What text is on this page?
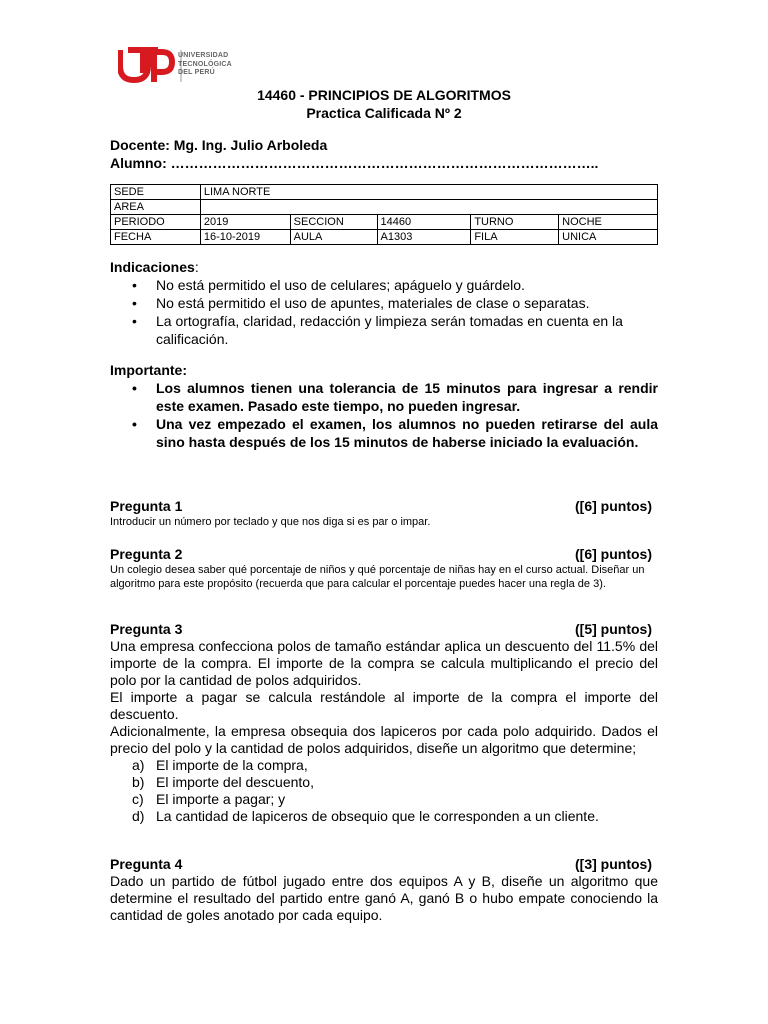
UNIVERSIDAD
TECNOLÓGICA
DEL PERÚ
14460 - PRINCIPIOS DE ALGORITMOS
Practica Calificada Nº 2
Docente: Mg. Ing. Julio Arboleda
Alumno: ………………………………………………………………………………..
SEDE	LIMA NORTE				
AREA					
PERIODO	2019	SECCION	14460	TURNO	NOCHE
FECHA	16-10-2019	AULA	A1303	FILA	UNICA
Indicaciones:
• No está permitido el uso de celulares; apáguelo y guárdelo.
• No está permitido el uso de apuntes, materiales de clase o separatas.
• La ortografía, claridad, redacción y limpieza serán tomadas en cuenta en la calificación.
Importante:
• Los alumnos tienen una tolerancia de 15 minutos para ingresar a rendir este examen. Pasado este tiempo, no pueden ingresar.
• Una vez empezado el examen, los alumnos no pueden retirarse del aula sino hasta después de los 15 minutos de haberse iniciado la evaluación.
Pregunta 1	([6] puntos)
Introducir un número por teclado y que nos diga si es par o impar.
Pregunta 2	([6] puntos)
Un colegio desea saber qué porcentaje de niños y qué porcentaje de niñas hay en el curso actual. Diseñar un algoritmo para este propósito (recuerda que para calcular el porcentaje puedes hacer una regla de 3).
Pregunta 3	([5] puntos)
Una empresa confecciona polos de tamaño estándar aplica un descuento del 11.5% del importe de la compra. El importe de la compra se calcula multiplicando el precio del polo por la cantidad de polos adquiridos.
El importe a pagar se calcula restándole al importe de la compra el importe del descuento.
Adicionalmente, la empresa obsequia dos lapiceros por cada polo adquirido. Dados el precio del polo y la cantidad de polos adquiridos, diseñe un algoritmo que determine;
a) El importe de la compra,
b) El importe del descuento,
c) El importe a pagar; y
d) La cantidad de lapiceros de obsequio que le corresponden a un cliente.
Pregunta 4	([3] puntos)
Dado un partido de fútbol jugado entre dos equipos A y B, diseñe un algoritmo que determine el resultado del partido entre ganó A, ganó B o hubo empate conociendo la cantidad de goles anotado por cada equipo.
